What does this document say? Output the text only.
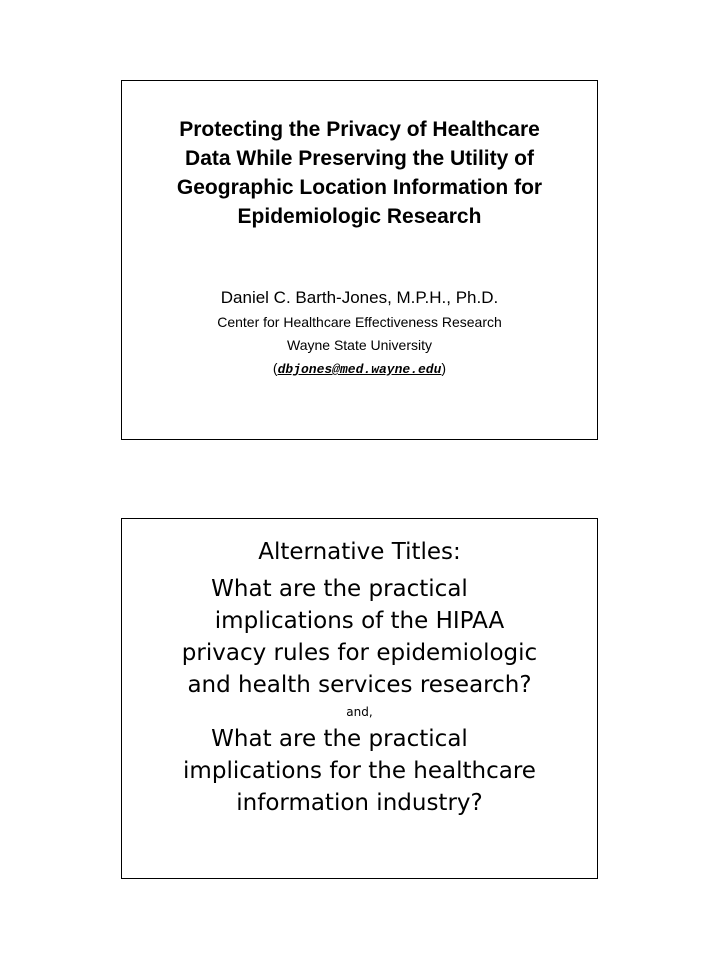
Protecting the Privacy of Healthcare
Data While Preserving the Utility of
Geographic Location Information for
Epidemiologic Research
Daniel C. Barth-Jones, M.P.H., Ph.D.
Center for Healthcare Effectiveness Research
Wayne State University
(dbjones@med.wayne.edu)
Alternative Titles:
What are the practical
implications of the HIPAA
privacy rules for epidemiologic
and health services research?
and,
What are the practical
implications for the healthcare
information industry?
